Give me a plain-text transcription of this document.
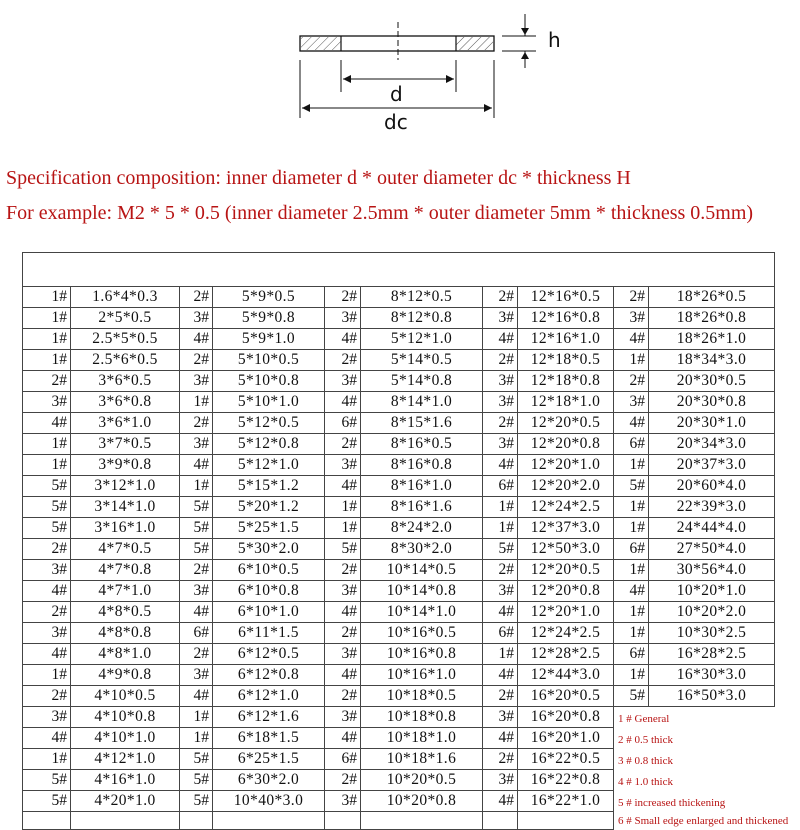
h
d
dc
Specification composition: inner diameter d * outer diameter dc * thickness H
For example: M2 * 5 * 0.5 (inner diameter 2.5mm * outer diameter 5mm * thickness 0.5mm)

1#	1.6*4*0.3	2#	5*9*0.5	2#	8*12*0.5	2#	12*16*0.5	2#	18*26*0.5
1#	2*5*0.5	3#	5*9*0.8	3#	8*12*0.8	3#	12*16*0.8	3#	18*26*0.8
1#	2.5*5*0.5	4#	5*9*1.0	4#	5*12*1.0	4#	12*16*1.0	4#	18*26*1.0
1#	2.5*6*0.5	2#	5*10*0.5	2#	5*14*0.5	2#	12*18*0.5	1#	18*34*3.0
2#	3*6*0.5	3#	5*10*0.8	3#	5*14*0.8	3#	12*18*0.8	2#	20*30*0.5
3#	3*6*0.8	1#	5*10*1.0	4#	8*14*1.0	3#	12*18*1.0	3#	20*30*0.8
4#	3*6*1.0	2#	5*12*0.5	6#	8*15*1.6	2#	12*20*0.5	4#	20*30*1.0
1#	3*7*0.5	3#	5*12*0.8	2#	8*16*0.5	3#	12*20*0.8	6#	20*34*3.0
1#	3*9*0.8	4#	5*12*1.0	3#	8*16*0.8	4#	12*20*1.0	1#	20*37*3.0
5#	3*12*1.0	1#	5*15*1.2	4#	8*16*1.0	6#	12*20*2.0	5#	20*60*4.0
5#	3*14*1.0	5#	5*20*1.2	1#	8*16*1.6	1#	12*24*2.5	1#	22*39*3.0
5#	3*16*1.0	5#	5*25*1.5	1#	8*24*2.0	1#	12*37*3.0	1#	24*44*4.0
2#	4*7*0.5	5#	5*30*2.0	5#	8*30*2.0	5#	12*50*3.0	6#	27*50*4.0
3#	4*7*0.8	2#	6*10*0.5	2#	10*14*0.5	2#	12*20*0.5	1#	30*56*4.0
4#	4*7*1.0	3#	6*10*0.8	3#	10*14*0.8	3#	12*20*0.8	4#	10*20*1.0
2#	4*8*0.5	4#	6*10*1.0	4#	10*14*1.0	4#	12*20*1.0	1#	10*20*2.0
3#	4*8*0.8	6#	6*11*1.5	2#	10*16*0.5	6#	12*24*2.5	1#	10*30*2.5
4#	4*8*1.0	2#	6*12*0.5	3#	10*16*0.8	1#	12*28*2.5	6#	16*28*2.5
1#	4*9*0.8	3#	6*12*0.8	4#	10*16*1.0	4#	12*44*3.0	1#	16*30*3.0
2#	4*10*0.5	4#	6*12*1.0	2#	10*18*0.5	2#	16*20*0.5	5#	16*50*3.0
3#	4*10*0.8	1#	6*12*1.6	3#	10*18*0.8	3#	16*20*0.8	1 # General	
4#	4*10*1.0	1#	6*18*1.5	4#	10*18*1.0	4#	16*20*1.0	2 # 0.5 thick	
1#	4*12*1.0	5#	6*25*1.5	6#	10*18*1.6	2#	16*22*0.5	3 # 0.8 thick	
5#	4*16*1.0	5#	6*30*2.0	2#	10*20*0.5	3#	16*22*0.8	4 # 1.0 thick	
5#	4*20*1.0	5#	10*40*3.0	3#	10*20*0.8	4#	16*22*1.0	5 # increased thickening	
								6 # Small edge enlarged and thickened	
